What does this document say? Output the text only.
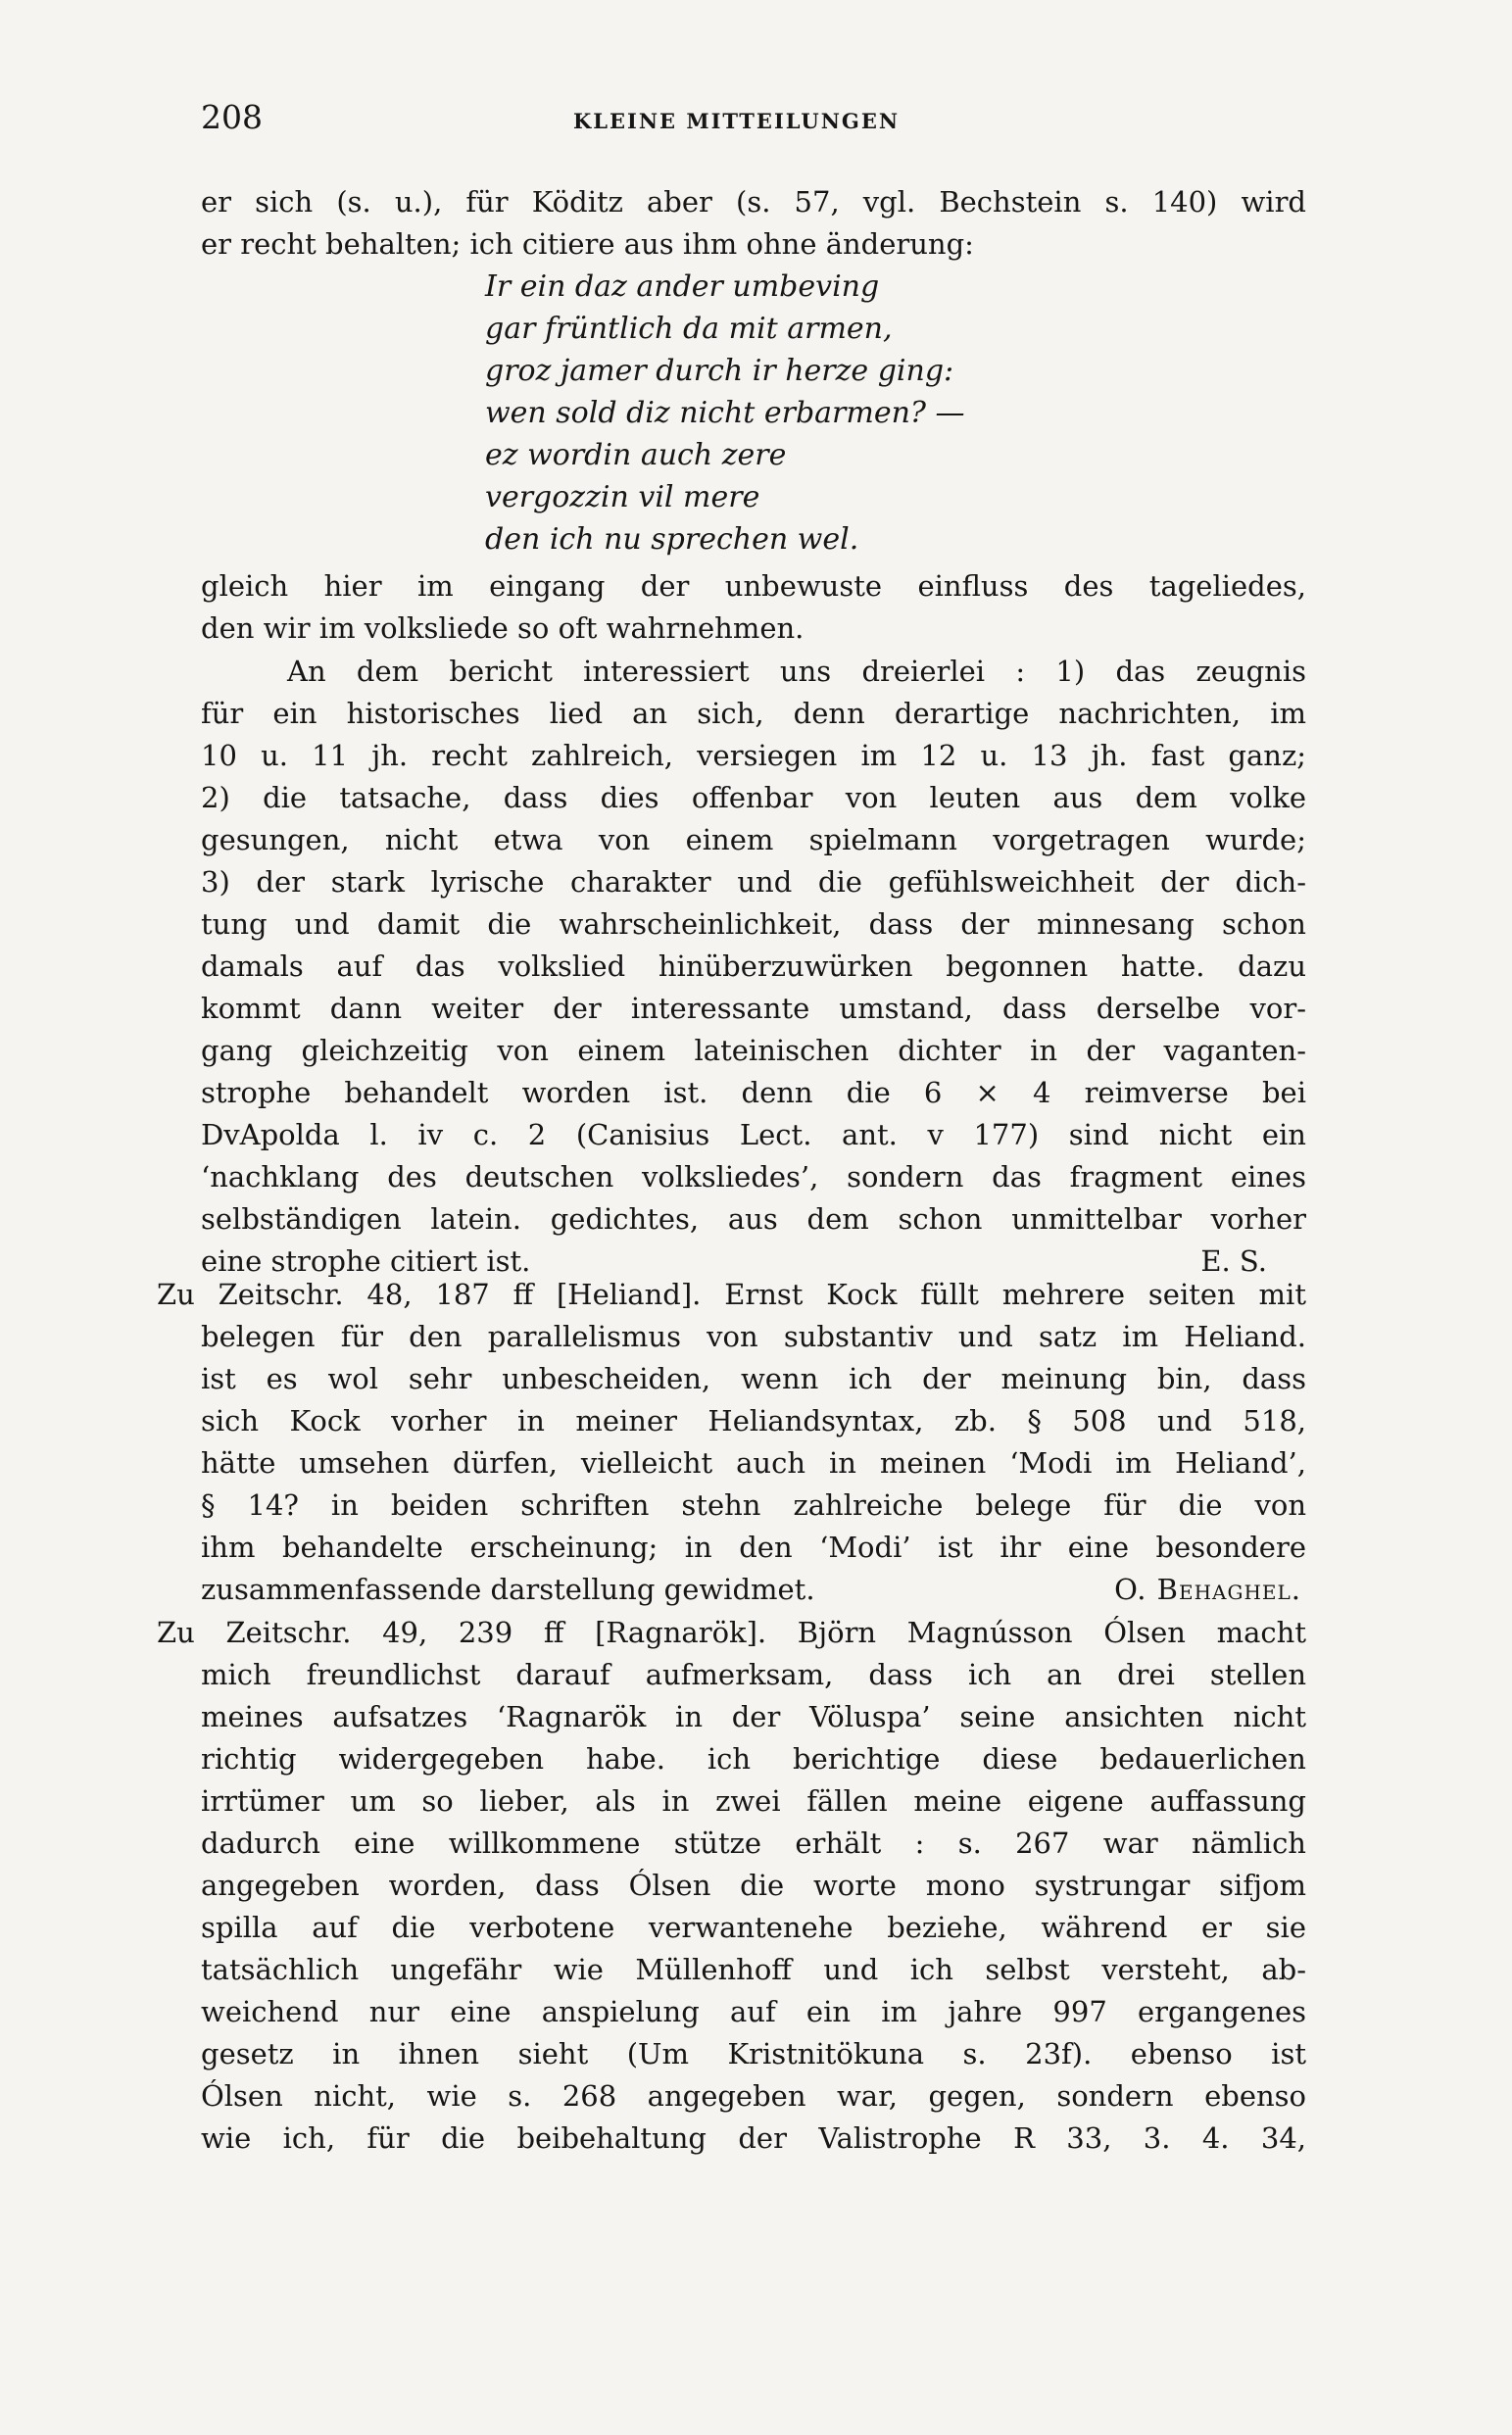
208	KLEINE MITTEILUNGEN
er sich (s. u.), für Köditz aber (s. 57, vgl. Bechstein s. 140) wird
er recht behalten; ich citiere aus ihm ohne änderung:
Ir ein daz ander umbeving
gar früntlich da mit armen,
groz jamer durch ir herze ging:
wen sold diz nicht erbarmen? —
ez wordin auch zere
vergozzin vil mere
den ich nu sprechen wel.
gleich hier im eingang der unbewuste einfluss des tageliedes,
den wir im volksliede so oft wahrnehmen.
An dem bericht interessiert uns dreierlei : 1) das zeugnis
für ein historisches lied an sich, denn derartige nachrichten, im
10 u. 11 jh. recht zahlreich, versiegen im 12 u. 13 jh. fast ganz;
2) die tatsache, dass dies offenbar von leuten aus dem volke
gesungen, nicht etwa von einem spielmann vorgetragen wurde;
3) der stark lyrische charakter und die gefühlsweichheit der dich-
tung und damit die wahrscheinlichkeit, dass der minnesang schon
damals auf das volkslied hinüberzuwürken begonnen hatte. dazu
kommt dann weiter der interessante umstand, dass derselbe vor-
gang gleichzeitig von einem lateinischen dichter in der vaganten-
strophe behandelt worden ist. denn die 6 × 4 reimverse bei
DvApolda l. iv c. 2 (Canisius Lect. ant. v 177) sind nicht ein
‘nachklang des deutschen volksliedes’, sondern das fragment eines
selbständigen latein. gedichtes, aus dem schon unmittelbar vorher
eine strophe citiert ist.	E. S.
Zu Zeitschr. 48, 187 ff [Heliand]. Ernst Kock füllt mehrere seiten mit
belegen für den parallelismus von substantiv und satz im Heliand.
ist es wol sehr unbescheiden, wenn ich der meinung bin, dass
sich Kock vorher in meiner Heliandsyntax, zb. § 508 und 518,
hätte umsehen dürfen, vielleicht auch in meinen ‘Modi im Heliand’,
§ 14? in beiden schriften stehn zahlreiche belege für die von
ihm behandelte erscheinung; in den ‘Modi’ ist ihr eine besondere
zusammenfassende darstellung gewidmet.	O. Behaghel.
Zu Zeitschr. 49, 239 ff [Ragnarök]. Björn Magnússon Ólsen macht
mich freundlichst darauf aufmerksam, dass ich an drei stellen
meines aufsatzes ‘Ragnarök in der Völuspa’ seine ansichten nicht
richtig widergegeben habe. ich berichtige diese bedauerlichen
irrtümer um so lieber, als in zwei fällen meine eigene auffassung
dadurch eine willkommene stütze erhält : s. 267 war nämlich
angegeben worden, dass Ólsen die worte mono systrungar sifjom
spilla auf die verbotene verwantenehe beziehe, während er sie
tatsächlich ungefähr wie Müllenhoff und ich selbst versteht, ab-
weichend nur eine anspielung auf ein im jahre 997 ergangenes
gesetz in ihnen sieht (Um Kristnitökuna s. 23f). ebenso ist
Ólsen nicht, wie s. 268 angegeben war, gegen, sondern ebenso
wie ich, für die beibehaltung der Valistrophe R 33, 3. 4. 34,
